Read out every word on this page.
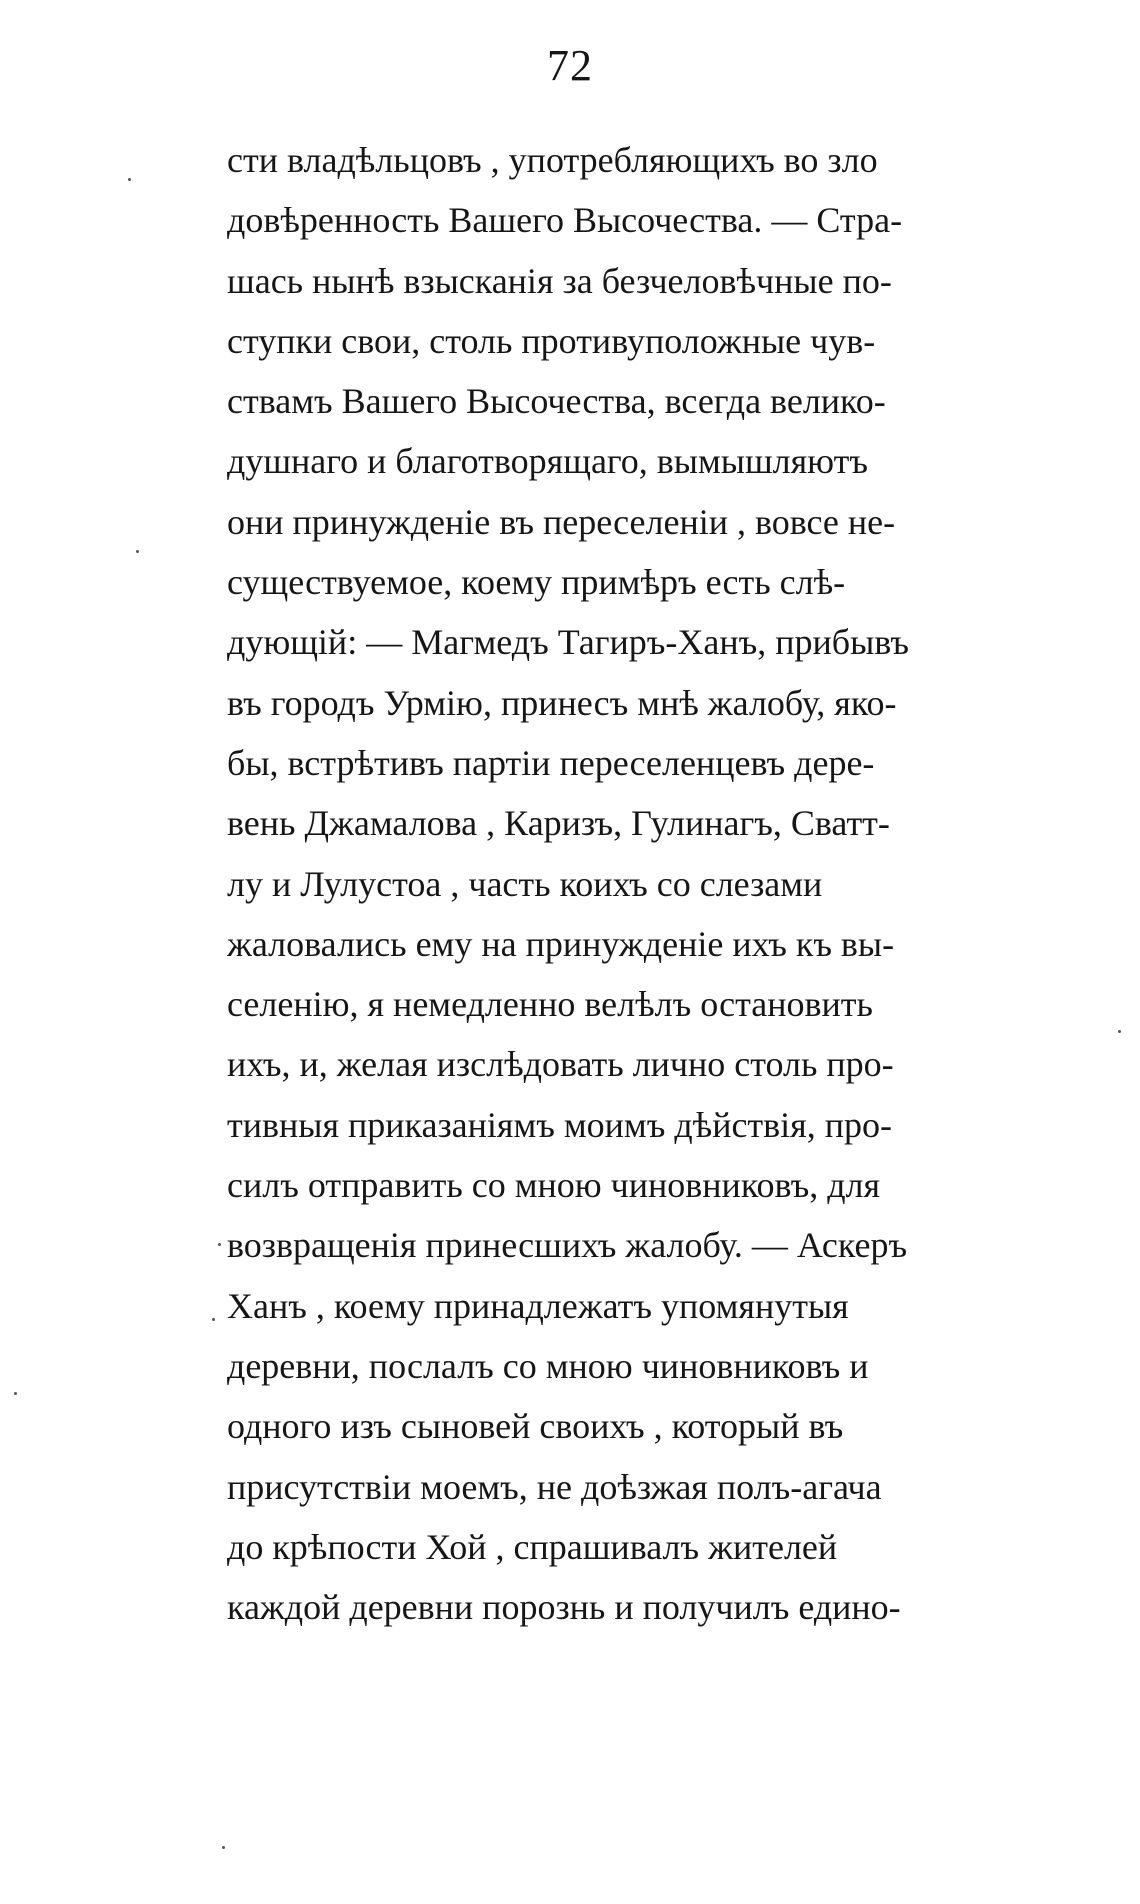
72
сти владѣльцовъ , употребляющихъ во зло
довѣренность Вашего Высочества. — Стра-
шась нынѣ взысканія за безчеловѣчные по-
ступки свои, столь противуположные чув-
ствамъ Вашего Высочества, всегда велико-
душнаго и благотворящаго, вымышляютъ
они принужденіе въ переселеніи , вовсе не-
существуемое, коему примѣръ есть слѣ-
дующій: — Магмедъ Тагиръ-Ханъ, прибывъ
въ городъ Урмію, принесъ мнѣ жалобу, яко-
бы, встрѣтивъ партіи переселенцевъ дере-
вень Джамалова , Каризъ, Гулинагъ, Сватт-
лу и Лулустоа , часть коихъ со слезами
жаловались ему на принужденіе ихъ къ вы-
селенію, я немедленно велѣлъ остановить
ихъ, и, желая изслѣдовать лично столь про-
тивныя приказаніямъ моимъ дѣйствія, про-
силъ отправить со мною чиновниковъ, для
возвращенія принесшихъ жалобу. — Аскеръ
Ханъ , коему принадлежатъ упомянутыя
деревни, послалъ со мною чиновниковъ и
одного изъ сыновей своихъ , который въ
присутствіи моемъ, не доѣзжая полъ-агача
до крѣпости Хой , спрашивалъ жителей
каждой деревни порознь и получилъ едино-
